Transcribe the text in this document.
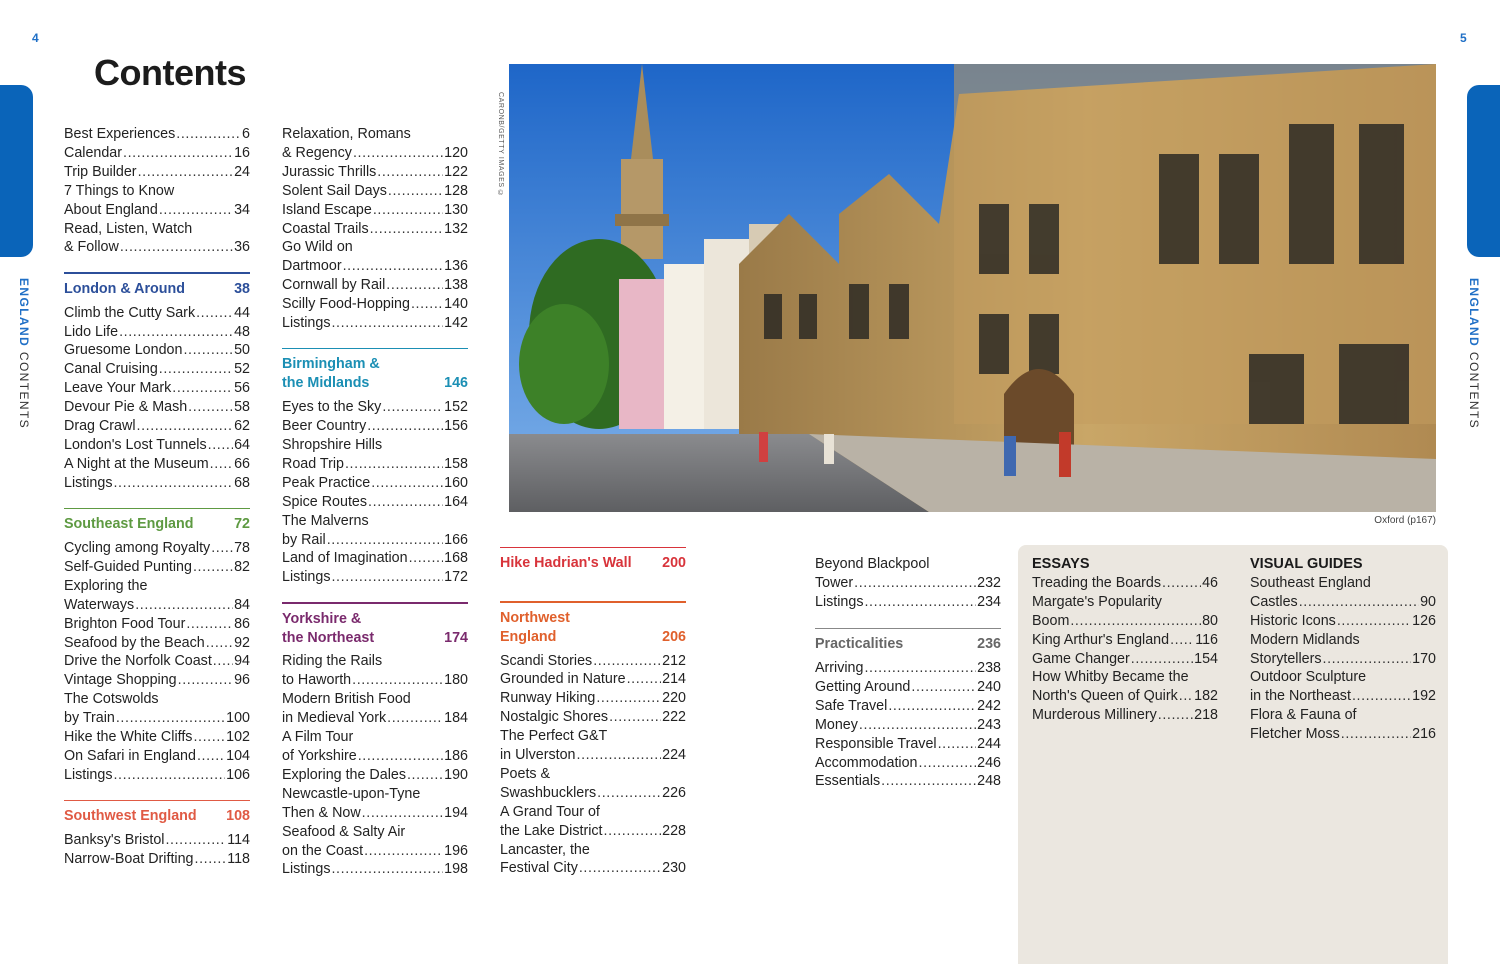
4	5
ENGLAND CONTENTS
ENGLAND CONTENTS
Contents
Best Experiences .....	6
Calendar .....	16
Trip Builder .....	24
7 Things to Know
About England .....	34
Read, Listen, Watch
& Follow .....	36
London & Around	38
Climb the Cutty Sark .....	44
Lido Life .....	48
Gruesome London .....	50
Canal Cruising .....	52
Leave Your Mark .....	56
Devour Pie & Mash .....	58
Drag Crawl .....	62
London's Lost Tunnels ..... 64
A Night at the Museum ..... 66
Listings .....	68
Southeast England	72
Cycling among Royalty ..... 78
Self-Guided Punting .....	82
Exploring the
Waterways .....	84
Brighton Food Tour .....	86
Seafood by the Beach ..... 92
Drive the Norfolk Coast ..... 94
Vintage Shopping .....	96
The Cotswolds
by Train .....	100
Hike the White Cliffs ..... 102
On Safari in England ..... 104
Listings .....	106
Southwest England 108
Banksy's Bristol .....	114
Narrow-Boat Drifting ..... 118
Relaxation, Romans
& Regency .....	120
Jurassic Thrills .....	122
Solent Sail Days .....	128
Island Escape .....	130
Coastal Trails .....	132
Go Wild on
Dartmoor .....	136
Cornwall by Rail .....	138
Scilly Food-Hopping ..... 140
Listings .....	142
Birmingham &
the Midlands	146
Eyes to the Sky .....	152
Beer Country .....	156
Shropshire Hills
Road Trip .....	158
Peak Practice .....	160
Spice Routes .....	164
The Malverns
by Rail .....	166
Land of Imagination .....	168
Listings .....	172
Yorkshire &
the Northeast	174
Riding the Rails
to Haworth .....	180
Modern British Food
in Medieval York .....	184
A Film Tour
of Yorkshire .....	186
Exploring the Dales .....	190
Newcastle-upon-Tyne
Then & Now .....	194
Seafood & Salty Air
on the Coast .....	196
Listings .....	198
Hike Hadrian's Wall 200
Northwest
England	206
Scandi Stories .....	212
Grounded in Nature .....	214
Runway Hiking .....	220
Nostalgic Shores .....	222
The Perfect G&T
in Ulverston .....	224
Poets &
Swashbucklers .....	226
A Grand Tour of
the Lake District .....	228
Lancaster, the
Festival City .....	230
Beyond Blackpool
Tower .....	232
Listings .....	234
Practicalities	236
Arriving .....	238
Getting Around .....	240
Safe Travel .....	242
Money .....	243
Responsible Travel .....	244
Accommodation .....	246
Essentials .....	248
CARONB/GETTY IMAGES ©
Oxford (p167)
ESSAYS
Treading the Boards .....	46
Margate's Popularity
Boom .....	80
King Arthur's England ..... 116
Game Changer .....	154
How Whitby Became the
North's Queen of Quirk ..... 182
Murderous Millinery .....	218
VISUAL GUIDES
Southeast England
Castles .....	90
Historic Icons .....	126
Modern Midlands
Storytellers .....	170
Outdoor Sculpture
in the Northeast .....	192
Flora & Fauna of
Fletcher Moss .....	216
